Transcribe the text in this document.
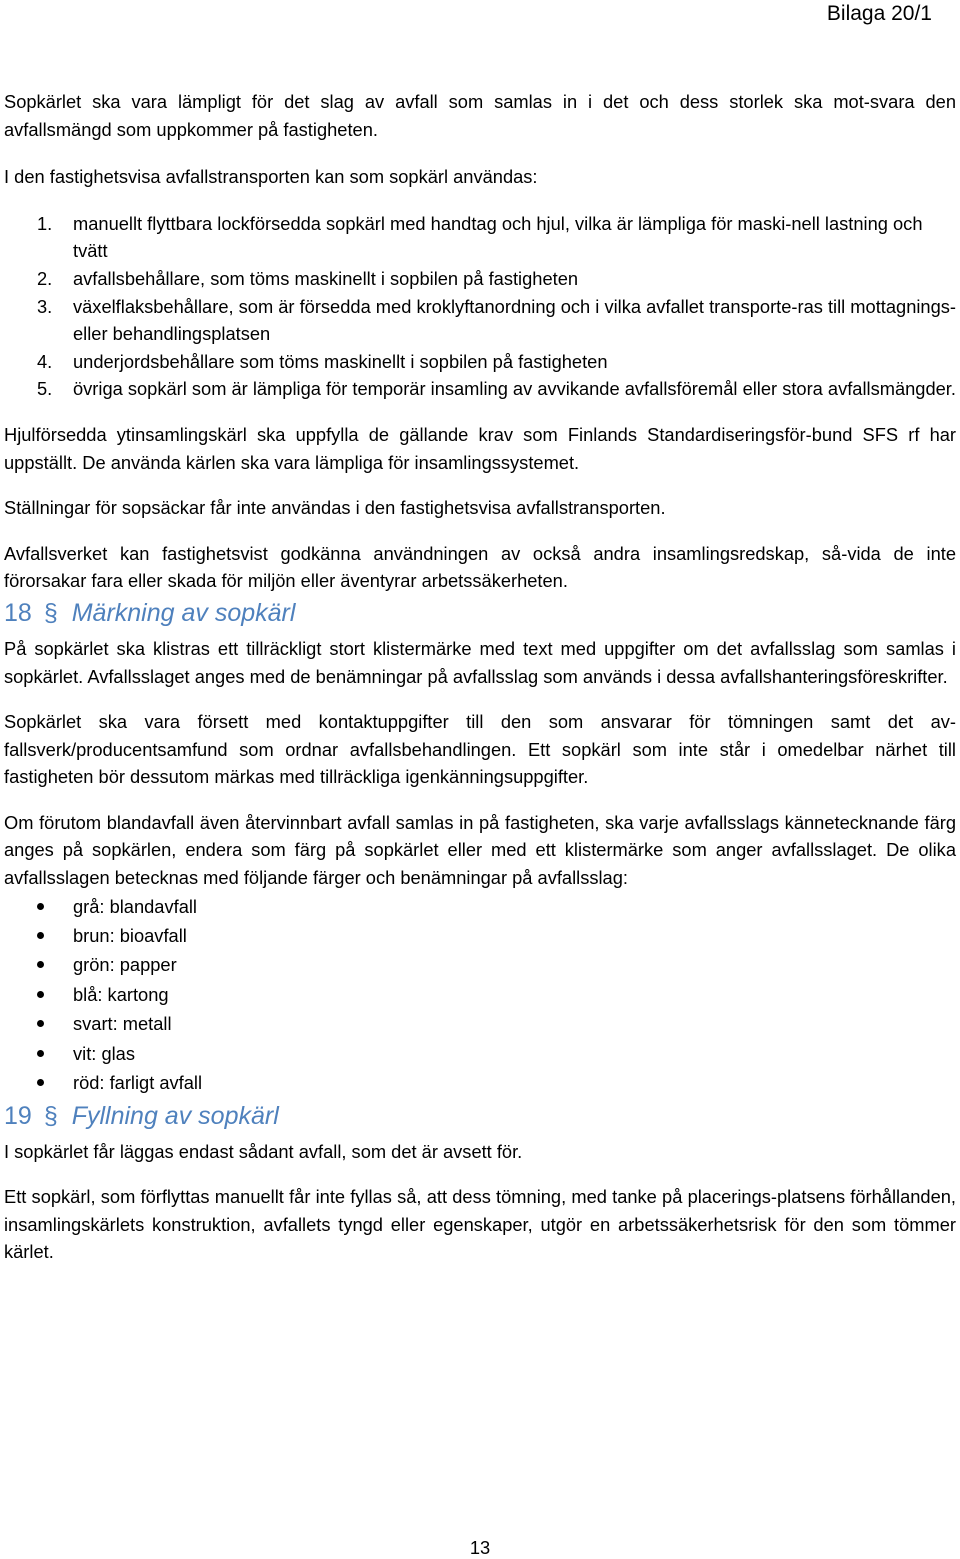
Bilaga 20/1

Sopkärlet ska vara lämpligt för det slag av avfall som samlas in i det och dess storlek ska mot-svara den avfallsmängd som uppkommer på fastigheten.

I den fastighetsvisa avfallstransporten kan som sopkärl användas:

1. manuellt flyttbara lockförsedda sopkärl med handtag och hjul, vilka är lämpliga för maski-nell lastning och tvätt
2. avfallsbehållare, som töms maskinellt i sopbilen på fastigheten
3. växelflaksbehållare, som är försedda med kroklyftanordning och i vilka avfallet transporte-ras till mottagnings- eller behandlingsplatsen
4. underjordsbehållare som töms maskinellt i sopbilen på fastigheten
5. övriga sopkärl som är lämpliga för temporär insamling av avvikande avfallsföremål eller stora avfallsmängder.

Hjulförsedda ytinsamlingskärl ska uppfylla de gällande krav som Finlands Standardiseringsför-bund SFS rf har uppställt. De använda kärlen ska vara lämpliga för insamlingssystemet.

Ställningar för sopsäckar får inte användas i den fastighetsvisa avfallstransporten.

Avfallsverket kan fastighetsvist godkänna användningen av också andra insamlingsredskap, så-vida de inte förorsakar fara eller skada för miljön eller äventyrar arbetssäkerheten.

18 § Märkning av sopkärl

På sopkärlet ska klistras ett tillräckligt stort klistermärke med text med uppgifter om det avfallsslag som samlas i sopkärlet. Avfallsslaget anges med de benämningar på avfallsslag som används i dessa avfallshanteringsföreskrifter.

Sopkärlet ska vara försett med kontaktuppgifter till den som ansvarar för tömningen samt det av-fallsverk/producentsamfund som ordnar avfallsbehandlingen. Ett sopkärl som inte står i omedelbar närhet till fastigheten bör dessutom märkas med tillräckliga igenkänningsuppgifter.

Om förutom blandavfall även återvinnbart avfall samlas in på fastigheten, ska varje avfallsslags kännetecknande färg anges på sopkärlen, endera som färg på sopkärlet eller med ett klistermärke som anger avfallsslaget. De olika avfallsslagen betecknas med följande färger och benämningar på avfallsslag:

grå: blandavfall
brun: bioavfall
grön: papper
blå: kartong
svart: metall
vit: glas
röd: farligt avfall
19 § Fyllning av sopkärl

I sopkärlet får läggas endast sådant avfall, som det är avsett för.

Ett sopkärl, som förflyttas manuellt får inte fyllas så, att dess tömning, med tanke på placerings-platsens förhållanden, insamlingskärlets konstruktion, avfallets tyngd eller egenskaper, utgör en arbetssäkerhetsrisk för den som tömmer kärlet.

13
